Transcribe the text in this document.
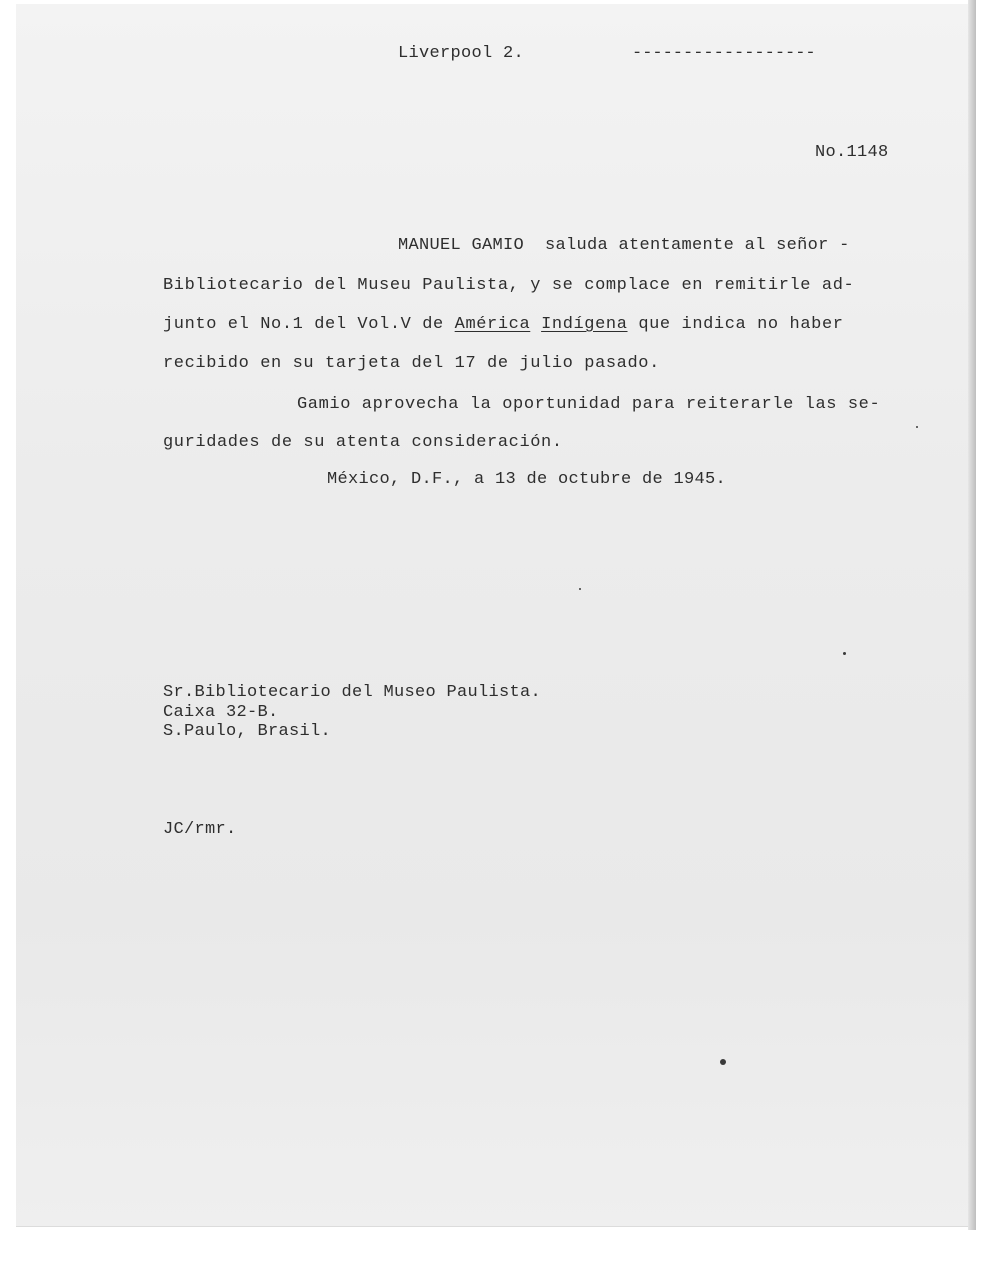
Liverpool 2.	------------------
No.1148
MANUEL GAMIO  saluda atentamente al señor -
Bibliotecario del Museu Paulista, y se complace en remitirle ad-
junto el No.1 del Vol.V de América Indígena que indica no haber
recibido en su tarjeta del 17 de julio pasado.
Gamio aprovecha la oportunidad para reiterarle las se-
guridades de su atenta consideración.
México, D.F., a 13 de octubre de 1945.
Sr.Bibliotecario del Museo Paulista.
Caixa 32-B.
S.Paulo, Brasil.
JC/rmr.
